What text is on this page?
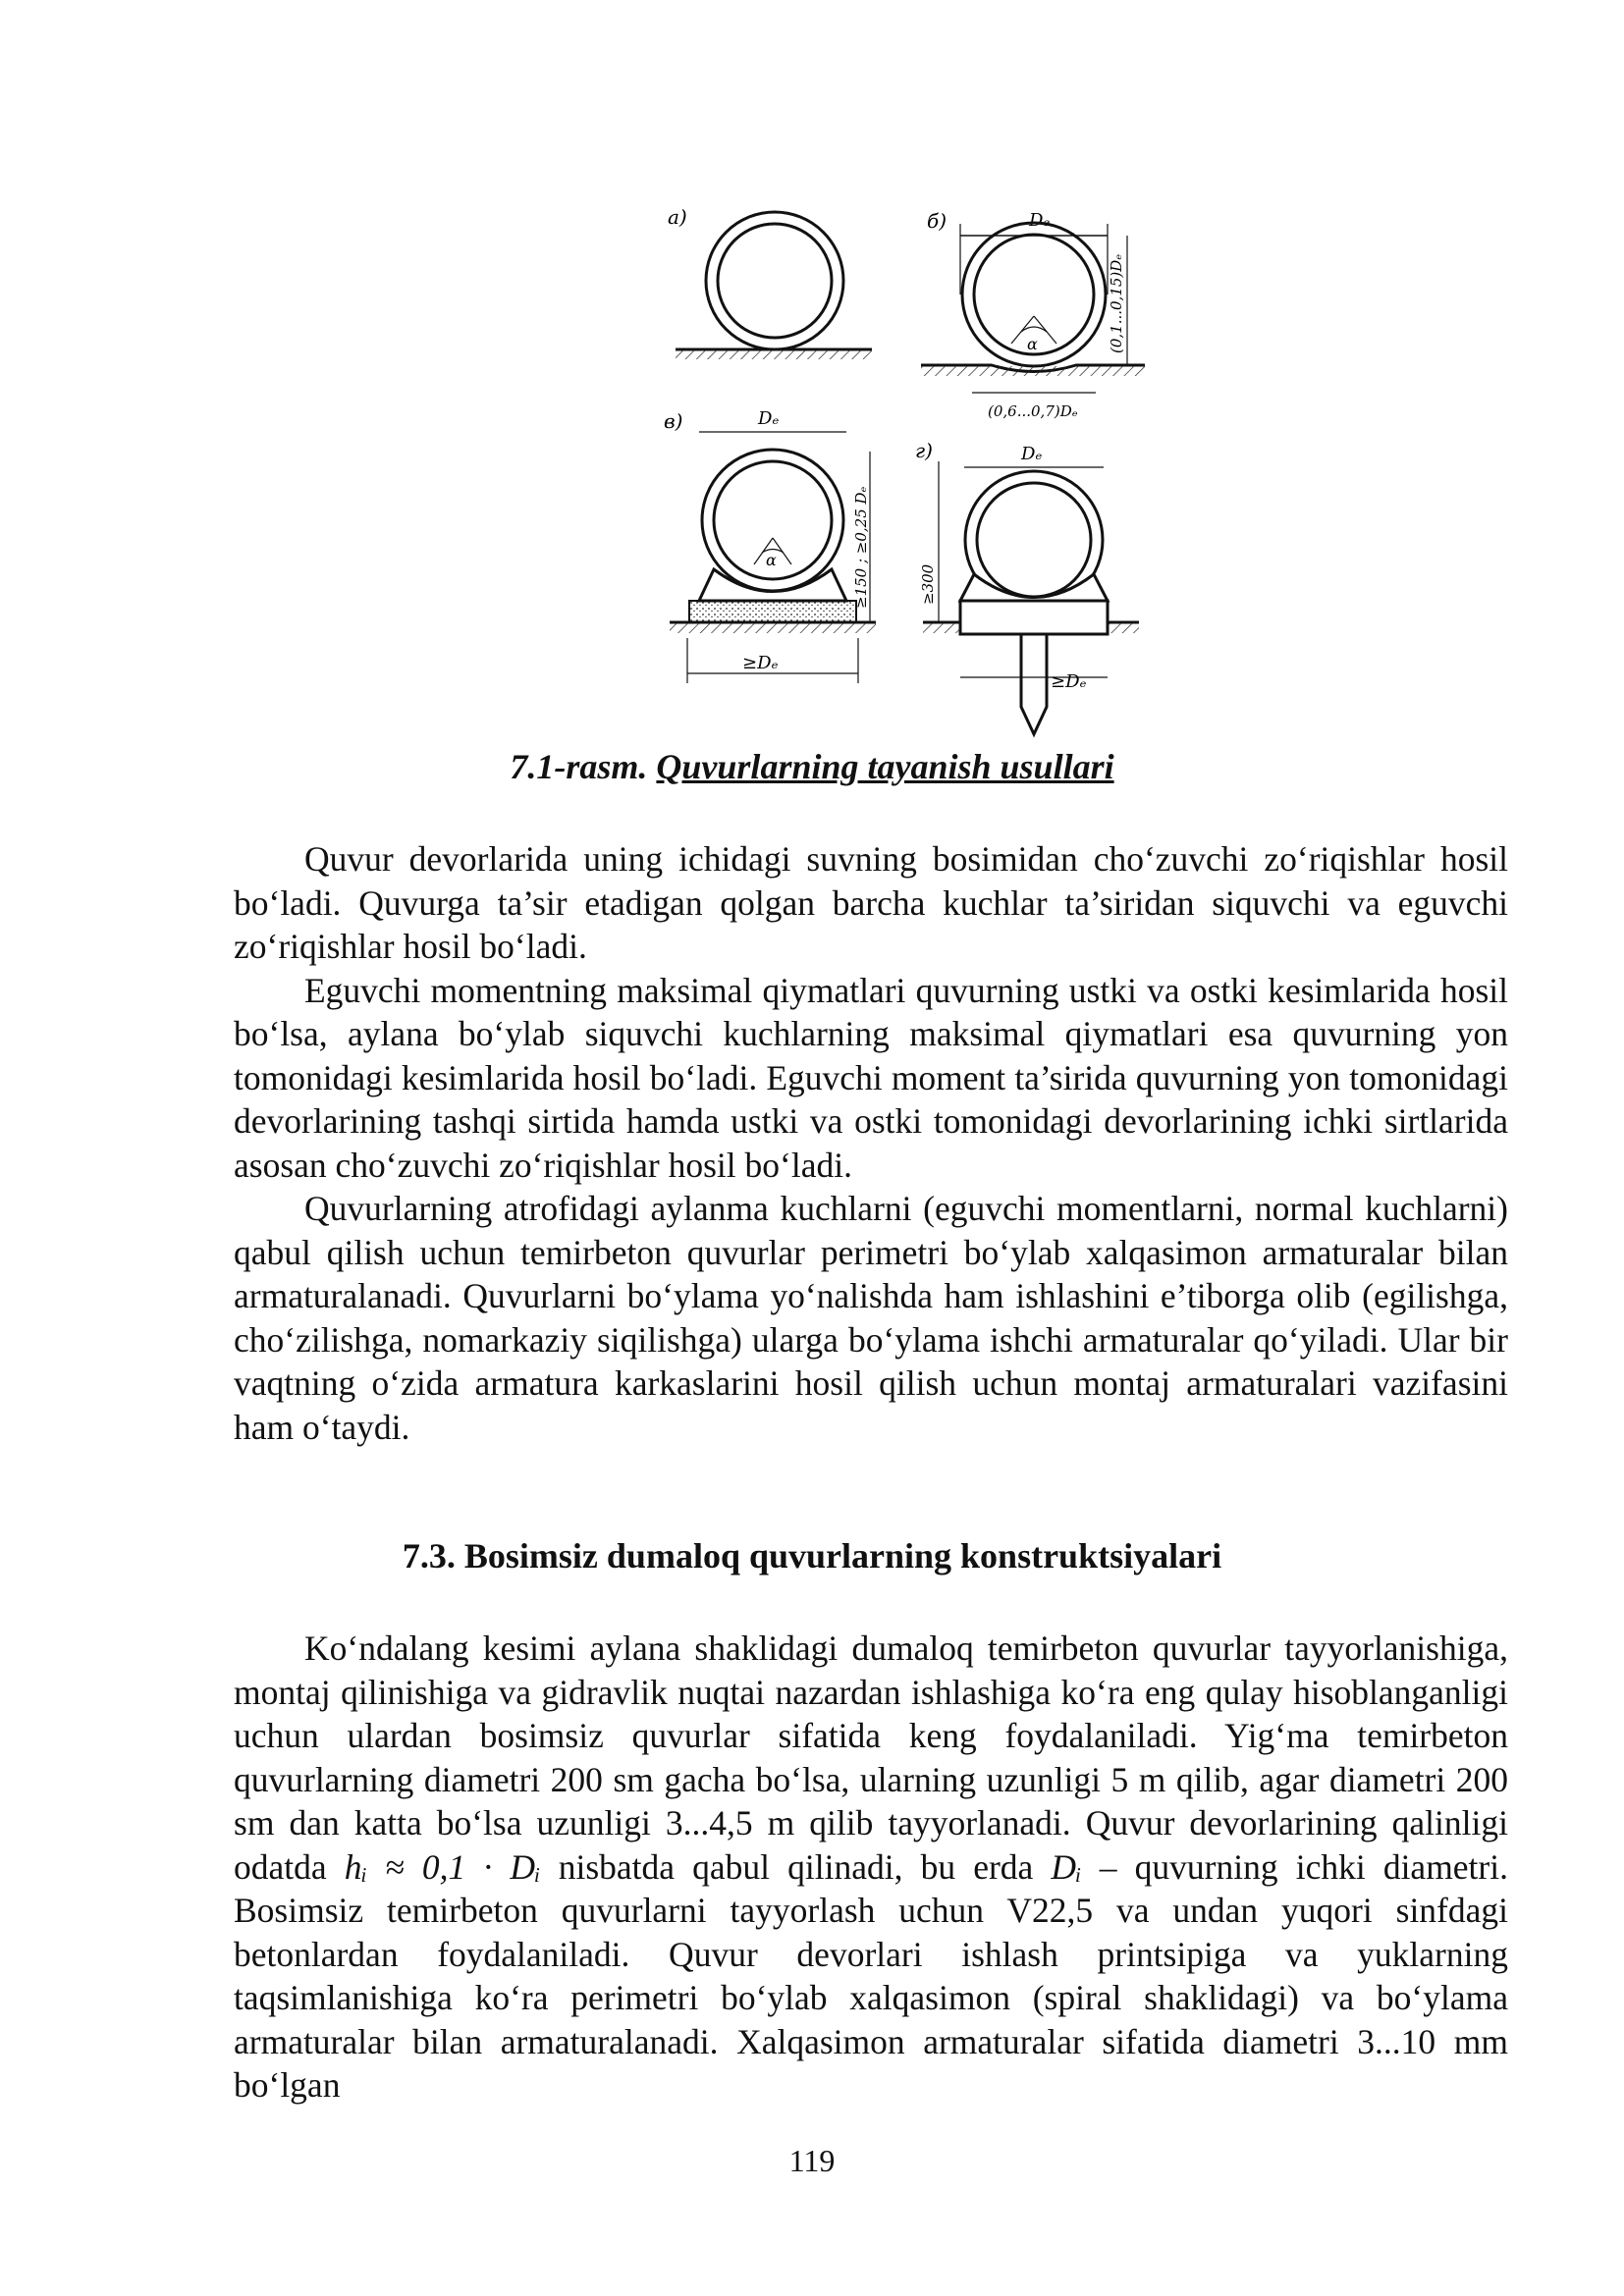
а)	б)	Dₑ
α	(0,1...0,15)Dₑ
(0,6...0,7)Dₑ
в)	Dₑ
α	≥150 ; ≥0,25 Dₑ
≥Dₑ
г)	Dₑ
≥300
≥Dₑ
7.1-rasm. Quvurlarning tayanish usullari

Quvur devorlarida uning ichidagi suvning bosimidan cho‘zuvchi zo‘riqishlar hosil bo‘ladi. Quvurga ta’sir etadigan qolgan barcha kuchlar ta’siridan siquvchi va eguvchi zo‘riqishlar hosil bo‘ladi.

Eguvchi momentning maksimal qiymatlari quvurning ustki va ostki kesimlarida hosil bo‘lsa, aylana bo‘ylab siquvchi kuchlarning maksimal qiymatlari esa quvurning yon tomonidagi kesimlarida hosil bo‘ladi. Eguvchi moment ta’sirida quvurning yon tomonidagi devorlarining tashqi sirtida hamda ustki va ostki tomonidagi devorlarining ichki sirtlarida asosan cho‘zuvchi zo‘riqishlar hosil bo‘ladi.

Quvurlarning atrofidagi aylanma kuchlarni (eguvchi momentlarni, normal kuchlarni) qabul qilish uchun temirbeton quvurlar perimetri bo‘ylab xalqasimon armaturalar bilan armaturalanadi. Quvurlarni bo‘ylama yo‘nalishda ham ishlashini e’tiborga olib (egilishga, cho‘zilishga, nomarkaziy siqilishga) ularga bo‘ylama ishchi armaturalar qo‘yiladi. Ular bir vaqtning o‘zida armatura karkaslarini hosil qilish uchun montaj armaturalari vazifasini ham o‘taydi.

7.3. Bosimsiz dumaloq quvurlarning konstruktsiyalari

Ko‘ndalang kesimi aylana shaklidagi dumaloq temirbeton quvurlar tayyorlanishiga, montaj qilinishiga va gidravlik nuqtai nazardan ishlashiga ko‘ra eng qulay hisoblanganligi uchun ulardan bosimsiz quvurlar sifatida keng foydalaniladi. Yig‘ma temirbeton quvurlarning diametri 200 sm gacha bo‘lsa, ularning uzunligi 5 m qilib, agar diametri 200 sm dan katta bo‘lsa uzunligi 3...4,5 m qilib tayyorlanadi. Quvur devorlarining qalinligi odatda hᵢ ≈ 0,1 · Dᵢ nisbatda qabul qilinadi, bu erda Dᵢ – quvurning ichki diametri. Bosimsiz temirbeton quvurlarni tayyorlash uchun V22,5 va undan yuqori sinfdagi betonlardan foydalaniladi. Quvur devorlari ishlash printsipiga va yuklarning taqsimlanishiga ko‘ra perimetri bo‘ylab xalqasimon (spiral shaklidagi) va bo‘ylama armaturalar bilan armaturalanadi. Xalqasimon armaturalar sifatida diametri 3...10 mm bo‘lgan

119
